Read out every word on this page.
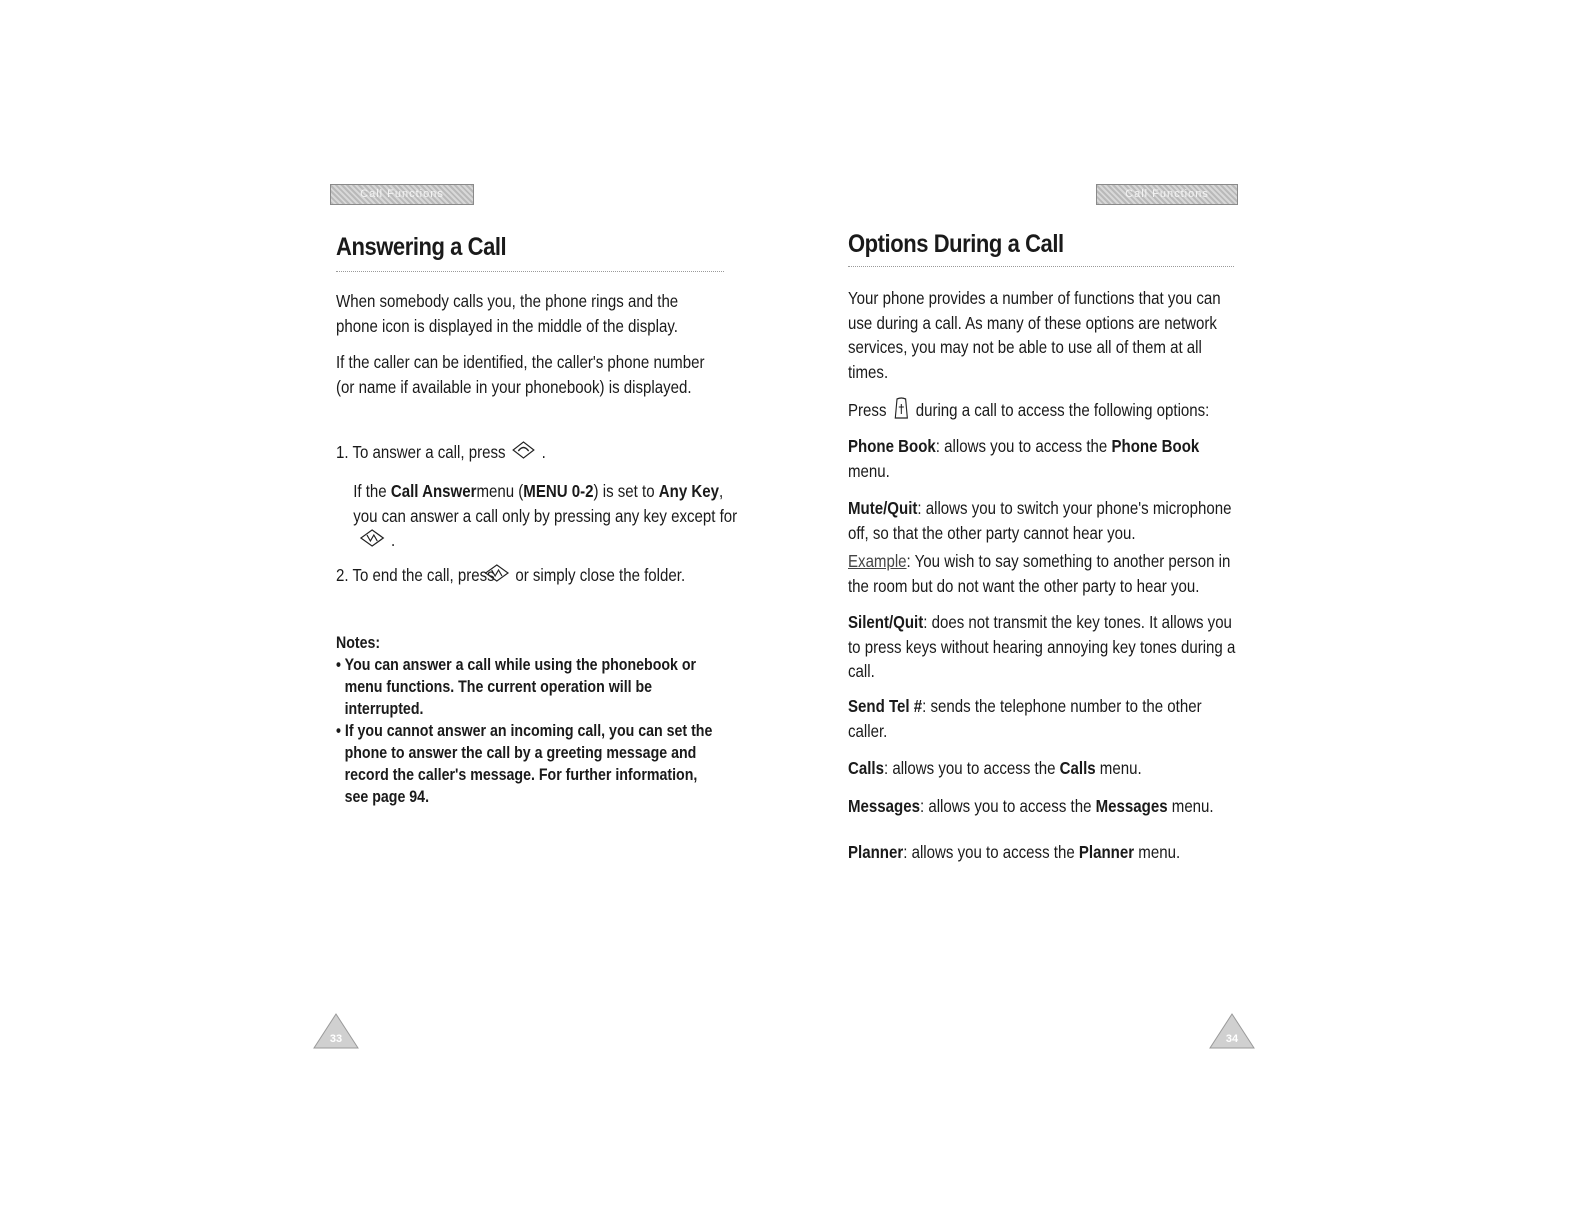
Call Functions
Answering a Call

When somebody calls you, the phone rings and the phone icon is displayed in the middle of the display.

If the caller can be identified, the caller's phone number (or name if available in your phonebook) is displayed.

1. To answer a call, press .

If the Call Answermenu (MENU 0-2) is set to Any Key, you can answer a call only by pressing any key except for.

2. To end the call, press or simply close the folder.

Notes:
• You can answer a call while using the phonebook or menu functions. The current operation will be interrupted.
• If you cannot answer an incoming call, you can set the phone to answer the call by a greeting message and record the caller's message. For further information, see page 94.
33
Call Functions
Options During a Call

Your phone provides a number of functions that you can use during a call. As many of these options are network services, you may not be able to use all of them at all times.

Press during a call to access the following options:

Phone Book: allows you to access the Phone Book menu.

Mute/Quit: allows you to switch your phone's microphone off, so that the other party cannot hear you.

Example: You wish to say something to another person in the room but do not want the other party to hear you.

Silent/Quit: does not transmit the key tones. It allows you to press keys without hearing annoying key tones during a call.

Send Tel #: sends the telephone number to the other caller.

Calls: allows you to access the Calls menu.

Messages: allows you to access the Messages menu.

Planner: allows you to access the Planner menu.

34
